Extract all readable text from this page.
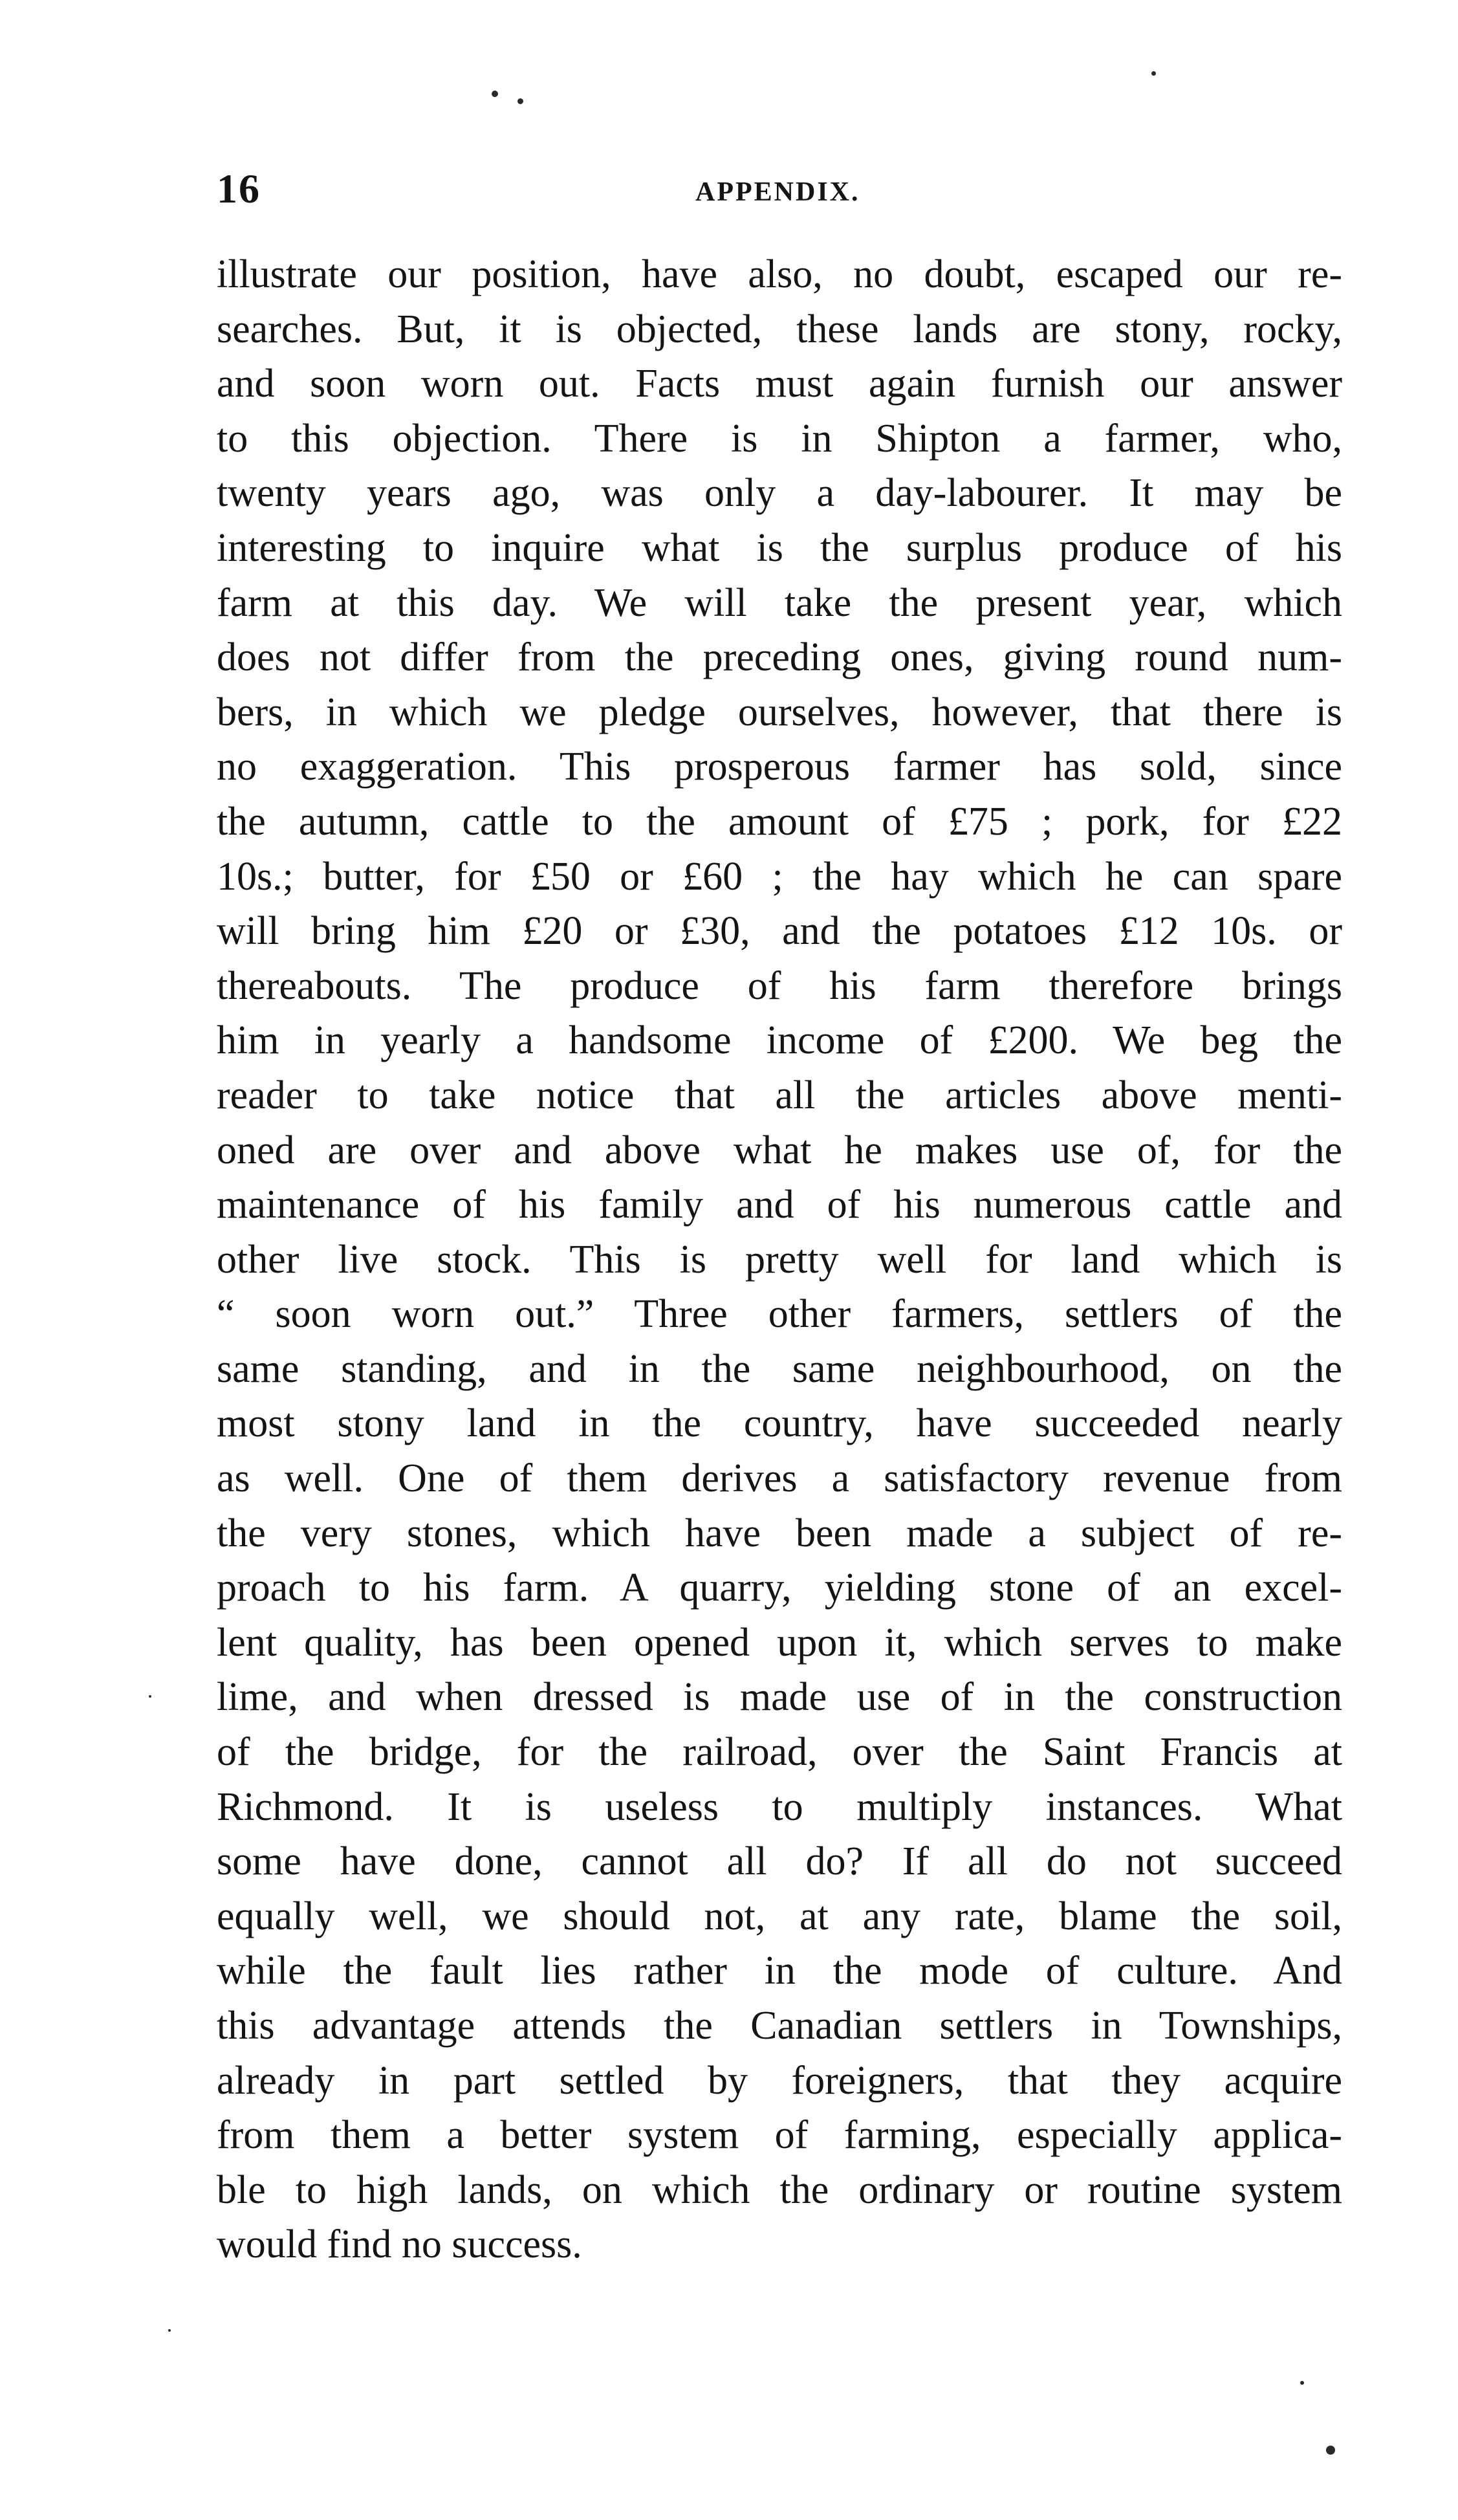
16	APPENDIX.
illustrate our position, have also, no doubt, escaped our re-
searches. But, it is objected, these lands are stony, rocky,
and soon worn out. Facts must again furnish our answer
to this objection. There is in Shipton a farmer, who,
twenty years ago, was only a day-labourer. It may be
interesting to inquire what is the surplus produce of his
farm at this day. We will take the present year, which
does not differ from the preceding ones, giving round num-
bers, in which we pledge ourselves, however, that there is
no exaggeration. This prosperous farmer has sold, since
the autumn, cattle to the amount of £75 ; pork, for £22
10s.; butter, for £50 or £60 ; the hay which he can spare
will bring him £20 or £30, and the potatoes £12 10s. or
thereabouts. The produce of his farm therefore brings
him in yearly a handsome income of £200. We beg the
reader to take notice that all the articles above menti-
oned are over and above what he makes use of, for the
maintenance of his family and of his numerous cattle and
other live stock. This is pretty well for land which is
“ soon worn out.” Three other farmers, settlers of the
same standing, and in the same neighbourhood, on the
most stony land in the country, have succeeded nearly
as well. One of them derives a satisfactory revenue from
the very stones, which have been made a subject of re-
proach to his farm. A quarry, yielding stone of an excel-
lent quality, has been opened upon it, which serves to make
lime, and when dressed is made use of in the construction
of the bridge, for the railroad, over the Saint Francis at
Richmond. It is useless to multiply instances. What
some have done, cannot all do? If all do not succeed
equally well, we should not, at any rate, blame the soil,
while the fault lies rather in the mode of culture. And
this advantage attends the Canadian settlers in Townships,
already in part settled by foreigners, that they acquire
from them a better system of farming, especially applica-
ble to high lands, on which the ordinary or routine system
would find no success.
